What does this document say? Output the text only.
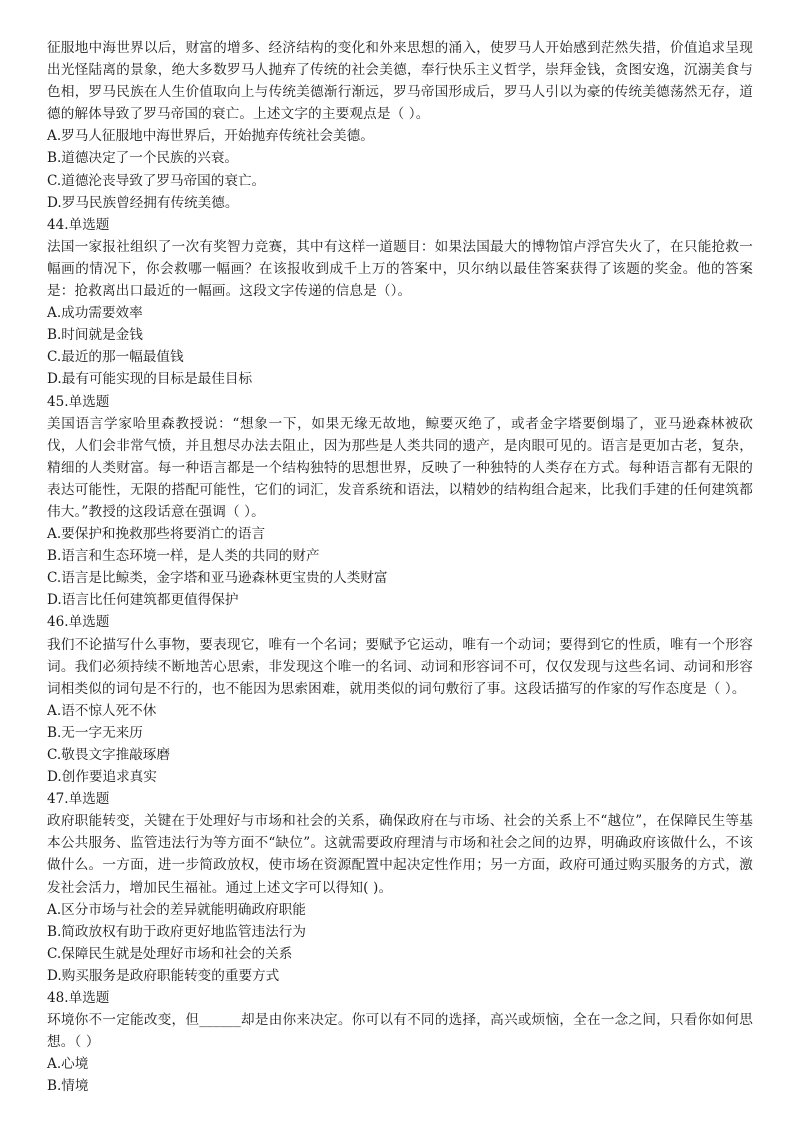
征服地中海世界以后，财富的增多、经济结构的变化和外来思想的涌入，使罗马人开始感到茫然失措，价值追求呈现出光怪陆离的景象，绝大多数罗马人抛弃了传统的社会美德，奉行快乐主义哲学，崇拜金钱，贪图安逸，沉溺美食与色相，罗马民族在人生价值取向上与传统美德渐行渐远，罗马帝国形成后，罗马人引以为豪的传统美德荡然无存，道德的解体导致了罗马帝国的衰亡。上述文字的主要观点是（ ）。

A.罗马人征服地中海世界后，开始抛弃传统社会美德。

B.道德决定了一个民族的兴衰。

C.道德沦丧导致了罗马帝国的衰亡。

D.罗马民族曾经拥有传统美德。

44.单选题

法国一家报社组织了一次有奖智力竞赛，其中有这样一道题目：如果法国最大的博物馆卢浮宫失火了，在只能抢救一幅画的情况下，你会救哪一幅画？在该报收到成千上万的答案中，贝尔纳以最佳答案获得了该题的奖金。他的答案是：抢救离出口最近的一幅画。这段文字传递的信息是（）。

A.成功需要效率

B.时间就是金钱

C.最近的那一幅最值钱

D.最有可能实现的目标是最佳目标

45.单选题

美国语言学家哈里森教授说：“想象一下，如果无缘无故地，鲸要灭绝了，或者金字塔要倒塌了，亚马逊森林被砍伐，人们会非常气愤，并且想尽办法去阻止，因为那些是人类共同的遗产，是肉眼可见的。语言是更加古老，复杂，精细的人类财富。每一种语言都是一个结构独特的思想世界，反映了一种独特的人类存在方式。每种语言都有无限的表达可能性，无限的搭配可能性，它们的词汇，发音系统和语法，以精妙的结构组合起来，比我们手建的任何建筑都伟大。”教授的这段话意在强调（ ）。

A.要保护和挽救那些将要消亡的语言

B.语言和生态环境一样，是人类的共同的财产

C.语言是比鲸类，金字塔和亚马逊森林更宝贵的人类财富

D.语言比任何建筑都更值得保护

46.单选题

我们不论描写什么事物，要表现它，唯有一个名词；要赋予它运动，唯有一个动词；要得到它的性质，唯有一个形容词。我们必须持续不断地苦心思索，非发现这个唯一的名词、动词和形容词不可，仅仅发现与这些名词、动词和形容词相类似的词句是不行的，也不能因为思索困难，就用类似的词句敷衍了事。这段话描写的作家的写作态度是（ ）。

A.语不惊人死不休

B.无一字无来历

C.敬畏文字推敲琢磨

D.创作要追求真实

47.单选题

政府职能转变，关键在于处理好与市场和社会的关系，确保政府在与市场、社会的关系上不“越位”，在保障民生等基本公共服务、监管违法行为等方面不“缺位”。这就需要政府理清与市场和社会之间的边界，明确政府该做什么，不该做什么。一方面，进一步简政放权，使市场在资源配置中起决定性作用；另一方面，政府可通过购买服务的方式，激发社会活力，增加民生福祉。通过上述文字可以得知( )。

A.区分市场与社会的差异就能明确政府职能

B.简政放权有助于政府更好地监管违法行为

C.保障民生就是处理好市场和社会的关系

D.购买服务是政府职能转变的重要方式

48.单选题

环境你不一定能改变，但______却是由你来决定。你可以有不同的选择，高兴或烦恼，全在一念之间，只看你如何思想。（ ）

A.心境

B.情境
